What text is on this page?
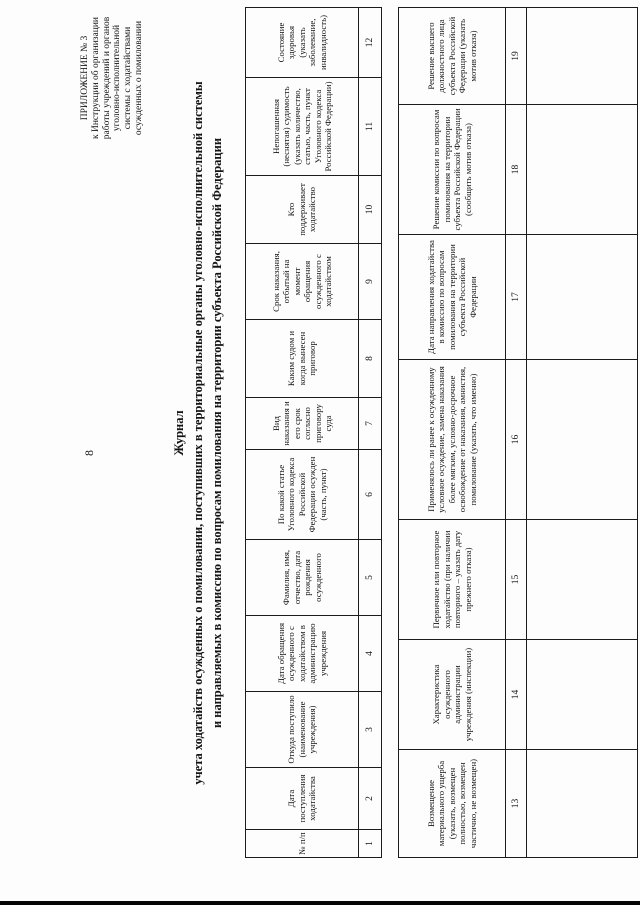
8
ПРИЛОЖЕНИЕ № 3 к Инструкции об организации работы учреждений и органов уголовно-исполнительной системы с ходатайствами осужденных о помиловании
Журнал учета ходатайств осужденных о помиловании, поступивших в территориальные органы уголовно-исполнительной системы и направляемых в комиссию по вопросам помилования на территории субъекта Российской Федерации
№ п/п	Дата поступления ходатайства	Откуда поступило (наименование учреждения)	Дата обращения осужденного с ходатайством в администрацию учреждения	Фамилия, имя, отчество, дата рождения осужденного	По какой статье Уголовного кодекса Российской Федерации осужден (часть, пункт)	Вид наказания и его срок согласно приговору суда	Каким судом и когда вынесен приговор	Срок наказания, отбытый на момент обращения осужденного с ходатайством	Кто поддерживает ходатайство	Непогашенная (неснятая) судимость (указать количество, статью, часть, пункт Уголовного кодекса Российской Федерации)	Состояние здоровья (указать заболевание, инвалидность)
1	2	3	4	5	6	7	8	9	10	11	12
Возмещение материального ущерба (указать, возмещен полностью, возмещен частично, не возмещен)	Характеристика осужденного администрации учреждения (инспекции)	Первичное или повторное ходатайство (при наличии повторного – указать дату прежнего отказа)	Применялось ли ранее к осужденному условное осуждение, замена наказания более мягким, условно-досрочное освобождение от наказания, амнистия, помилование (указать, что именно)	Дата направления ходатайства в комиссию по вопросам помилования на территории субъекта Российской Федерации	Решение комиссии по вопросам помилования на территории субъекта Российской Федерации (сообщить мотив отказа)	Решение высшего должностного лица субъекта Российской Федерации (указать мотив отказа)
13	14	15	16	17	18	19
